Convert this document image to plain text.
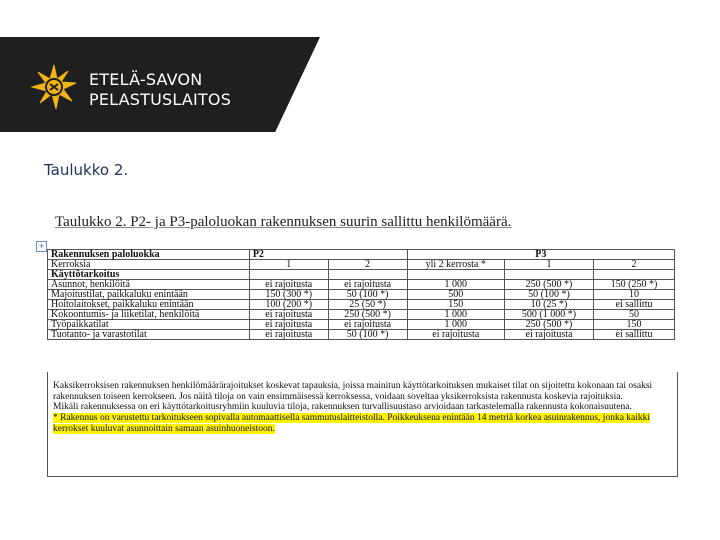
ETELÄ-SAVON
PELASTUSLAITOS
Taulukko 2.
Taulukko 2. P2- ja P3-paloluokan rakennuksen suurin sallittu henkilömäärä.
+
Rakennuksen paloluokka	P2		P3		
Kerroksia	1	2	yli 2 kerrosta *	1	2
Käyttötarkoitus					
Asunnot, henkilöitä	ei rajoitusta	ei rajoitusta	1 000	250 (500 *)	150 (250 *)
Majoitustilat, paikkaluku enintään	150 (300 *)	50 (100 *)	500	50 (100 *)	10
Hoitolaitokset, paikkaluku enintään	100 (200 *)	25 (50 *)	150	10 (25 *)	ei sallittu
Kokoontumis- ja liiketilat, henkilöitä	ei rajoitusta	250 (500 *)	1 000	500 (1 000 *)	50
Työpaikkatilat	ei rajoitusta	ei rajoitusta	1 000	250 (500 *)	150
Tuotanto- ja varastotilat	ei rajoitusta	50 (100 *)	ei rajoitusta	ei rajoitusta	ei sallittu

Kaksikerroksisen rakennuksen henkilömäärärajoitukset koskevat tapauksia, joissa mainitun käyttötarkoituksen mukaiset tilat on sijoitettu kokonaan tai osaksi rakennuksen toiseen kerrokseen. Jos näitä tiloja on vain ensimmäisessä kerroksessa, voidaan soveltaa yksikerroksista rakennusta koskevia rajoituksia.

Mikäli rakennuksessa on eri käyttötarkoitusryhmiin kuuluvia tiloja, rakennuksen turvallisuustaso arvioidaan tarkastelemalla rakennusta kokonaisuutena.

* Rakennus on varustettu tarkoitukseen sopivalla automaattisella sammutuslaitteistolla. Poikkeuksena enintään 14 metriä korkea asuinrakennus, jonka kaikki kerrokset kuuluvat asunnoittain samaan asuinhuoneistoon.
